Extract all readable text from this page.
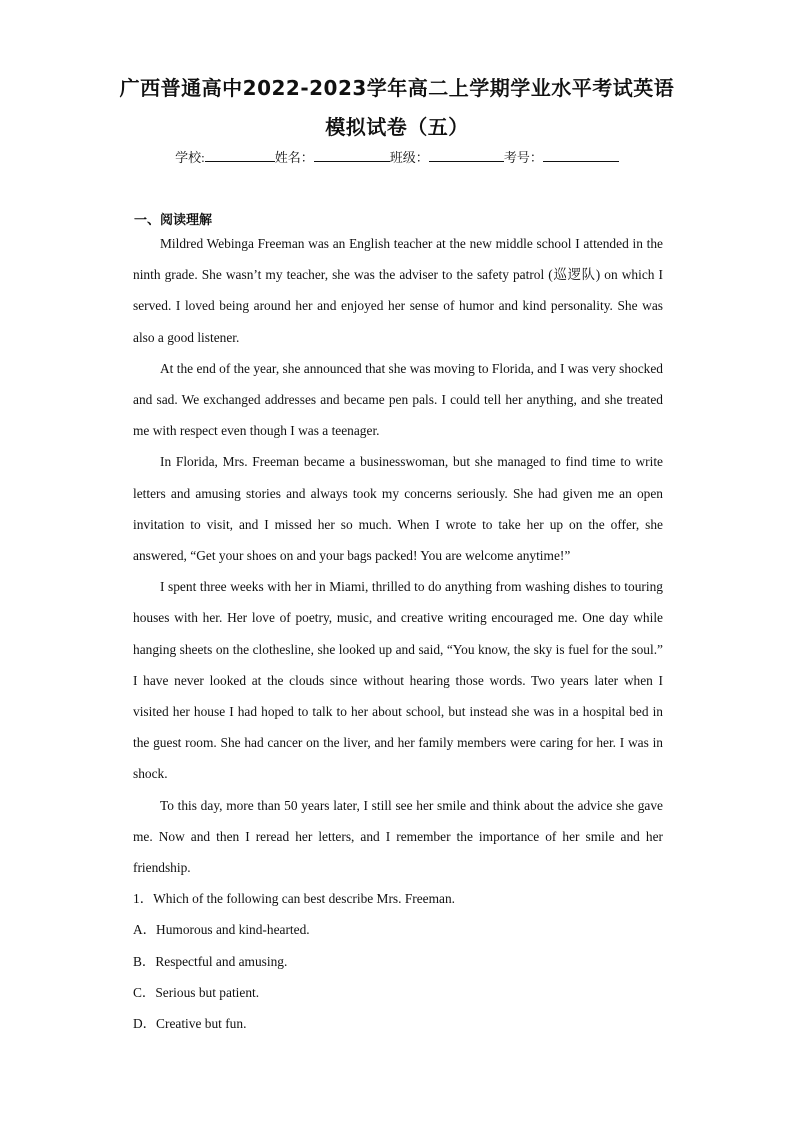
广西普通高中2022-2023学年高二上学期学业水平考试英语
模拟试卷（五）
学校:	姓名：	班级：	考号：
一、阅读理解

Mildred Webinga Freeman was an English teacher at the new middle school I attended in the ninth grade. She wasn’t my teacher, she was the adviser to the safety patrol (巡逻队) on which I served. I loved being around her and enjoyed her sense of humor and kind personality. She was also a good listener.

At the end of the year, she announced that she was moving to Florida, and I was very shocked and sad. We exchanged addresses and became pen pals. I could tell her anything, and she treated me with respect even though I was a teenager.

In Florida, Mrs. Freeman became a businesswoman, but she managed to find time to write letters and amusing stories and always took my concerns seriously. She had given me an open invitation to visit, and I missed her so much. When I wrote to take her up on the offer, she answered, “Get your shoes on and your bags packed! You are welcome anytime!”

I spent three weeks with her in Miami, thrilled to do anything from washing dishes to touring houses with her. Her love of poetry, music, and creative writing encouraged me. One day while hanging sheets on the clothesline, she looked up and said, “You know, the sky is fuel for the soul.” I have never looked at the clouds since without hearing those words. Two years later when I visited her house I had hoped to talk to her about school, but instead she was in a hospital bed in the guest room. She had cancer on the liver, and her family members were caring for her. I was in shock.

To this day, more than 50 years later, I still see her smile and think about the advice she gave me. Now and then I reread her letters, and I remember the importance of her smile and her friendship.

1．Which of the following can best describe Mrs. Freeman.

A．Humorous and kind-hearted.

B．Respectful and amusing.

C．Serious but patient.

D．Creative but fun.
